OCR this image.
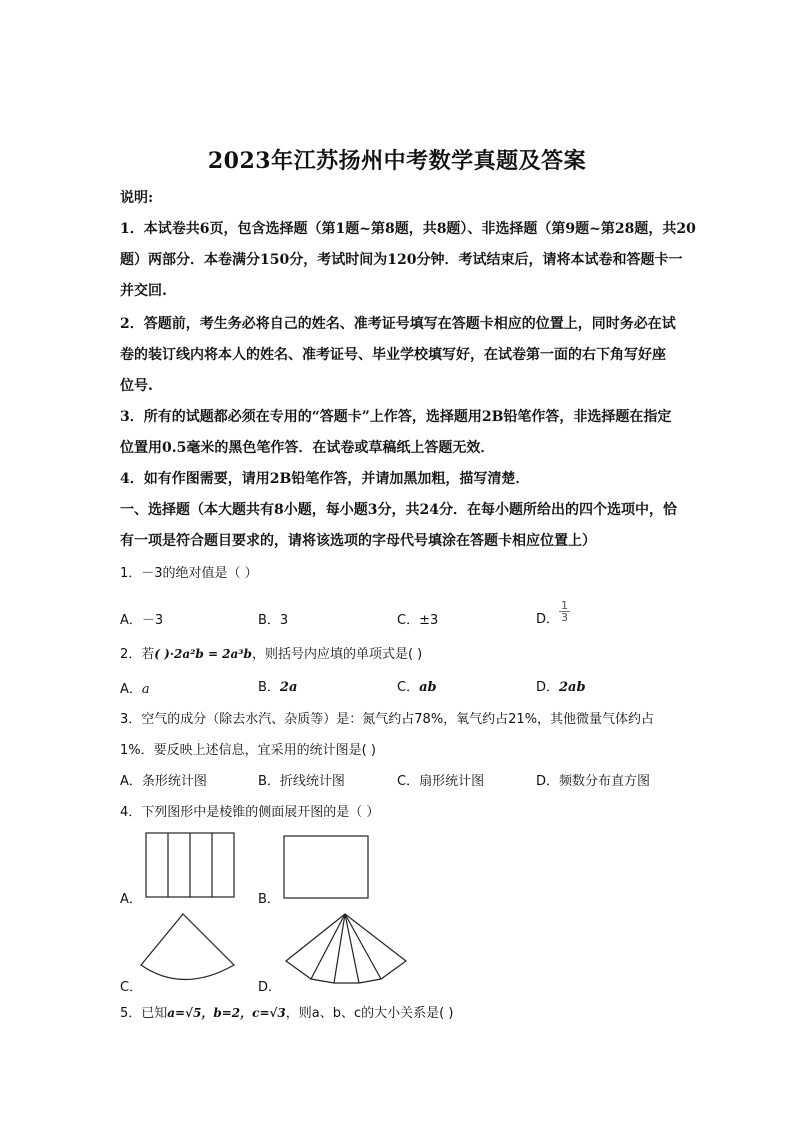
2023年江苏扬州中考数学真题及答案
说明:
1．本试卷共6页，包含选择题（第1题~第8题，共8题）、非选择题（第9题~第28题，共20
题）两部分．本卷满分150分，考试时间为120分钟．考试结束后，请将本试卷和答题卡一
并交回.
2．答题前，考生务必将自己的姓名、准考证号填写在答题卡相应的位置上，同时务必在试
卷的装订线内将本人的姓名、准考证号、毕业学校填写好，在试卷第一面的右下角写好座
位号.
3．所有的试题都必须在专用的“答题卡”上作答，选择题用2B铅笔作答，非选择题在指定
位置用0.5毫米的黑色笔作答．在试卷或草稿纸上答题无效．
4．如有作图需要，请用2B铅笔作答，并请加黑加粗，描写清楚．
一、选择题（本大题共有8小题，每小题3分，共24分．在每小题所给出的四个选项中，恰
有一项是符合题目要求的，请将该选项的字母代号填涂在答题卡相应位置上）
1．－3的绝对值是（ ）
A．－3	B．3	C．±3	D． $\frac{1}{3}$
2．若( )·2a²b = 2a³b，则括号内应填的单项式是( )
A．a	B．2a	C．ab	D．2ab
3．空气的成分（除去水汽、杂质等）是：氮气约占78%，氧气约占21%，其他微量气体约占
1%．要反映上述信息，宜采用的统计图是( )
A．条形统计图	B．折线统计图	C．扇形统计图	D．频数分布直方图
4．下列图形中是棱锥的侧面展开图的是（ ）
A．	B．
C．	D．
5．已知a=√5，b=2，c=√3，则a、b、c的大小关系是( )
